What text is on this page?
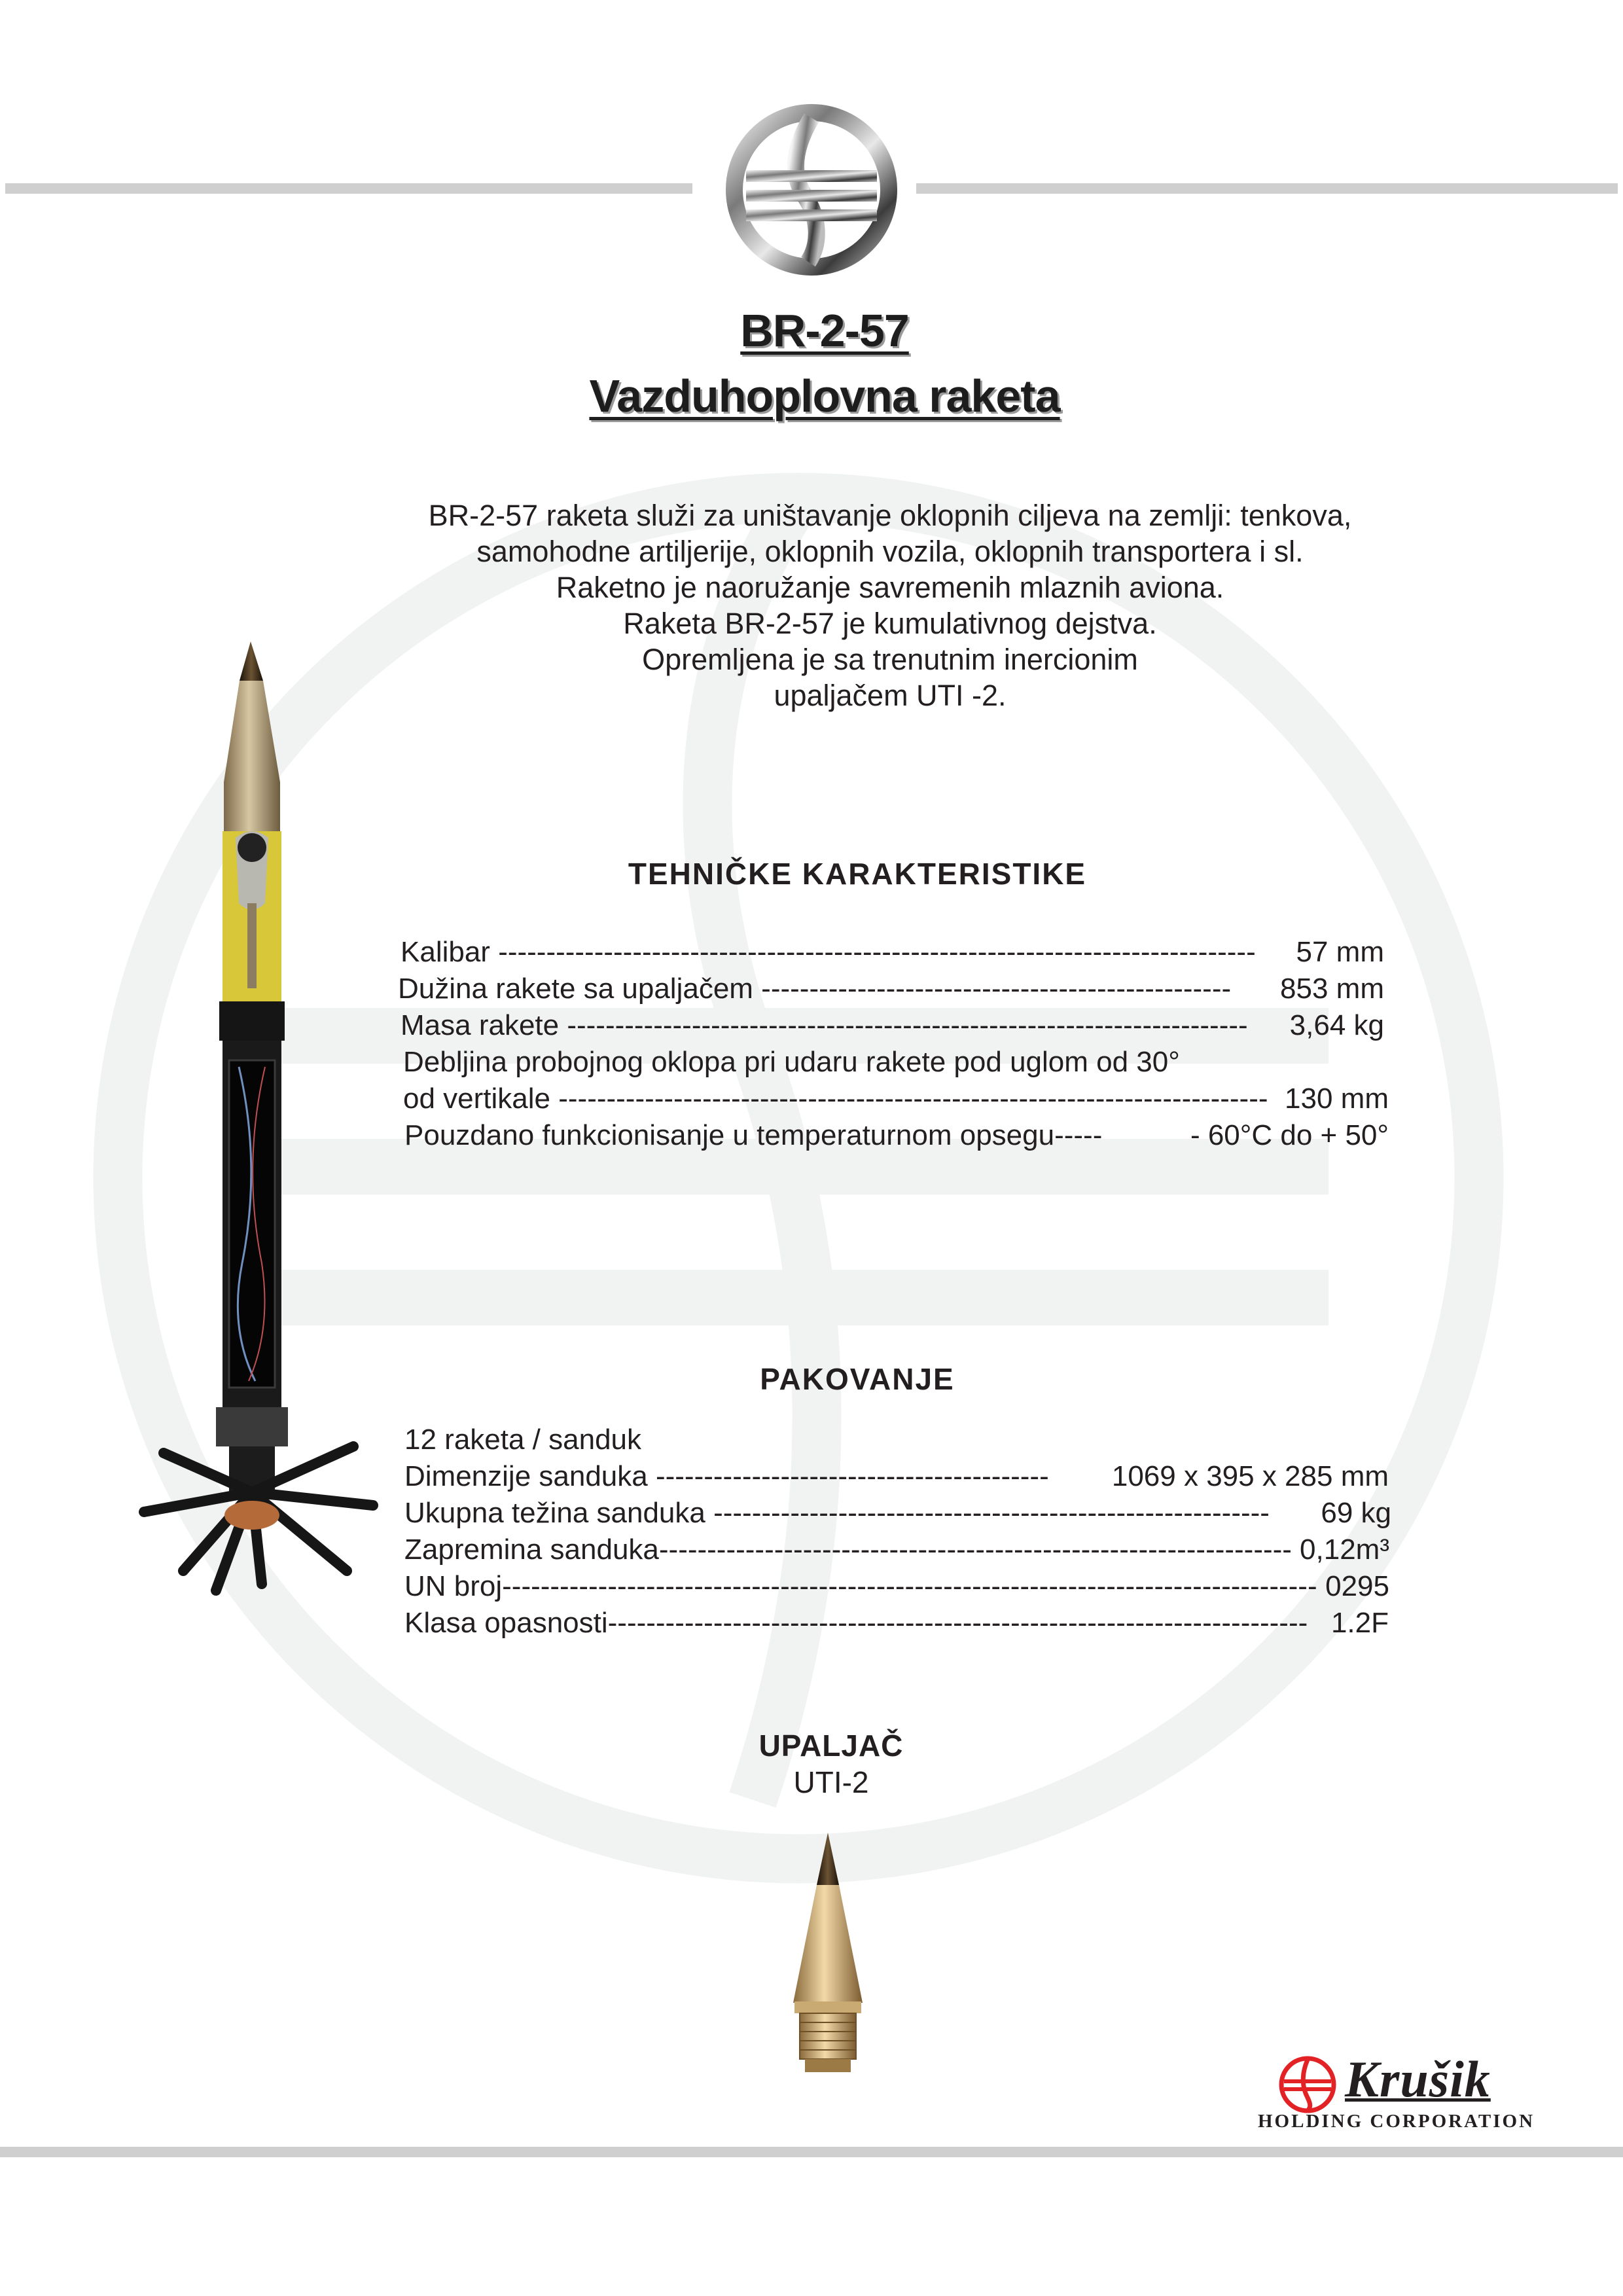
BR-2-57
Vazduhoplovna raketa
BR-2-57 raketa služi za uništavanje oklopnih ciljeva na zemlji: tenkova,
samohodne artiljerije, oklopnih vozila, oklopnih transportera i sl.
Raketno je naoružanje savremenih mlaznih aviona.
Raketa BR-2-57 je kumulativnog dejstva.
Opremljena je sa trenutnim inercionim
upaljačem UTI -2.
TEHNIČKE KARAKTERISTIKE
Kalibar ------------------------------------------------------------------------------- 57 mm
Dužina rakete sa upaljačem ------------------------------------------------- 853 mm
Masa rakete ----------------------------------------------------------------------- 3,64 kg
Debljina probojnog oklopa pri udaru rakete pod uglom od 30°
od vertikale -------------------------------------------------------------------------- 130 mm
Pouzdano funkcionisanje u temperaturnom opsegu-----	- 60°C do + 50°
PAKOVANJE
12 raketa / sanduk
Dimenzije sanduka ----------------------------------------- 1069 x 395 x 285 mm
Ukupna težina sanduka ---------------------------------------------------------- 69 kg
Zapremina sanduka------------------------------------------------------------------ 0,12m³
UN broj------------------------------------------------------------------------------------- 0295
Klasa opasnosti------------------------------------------------------------------------- 1.2F
UPALJAČ
UTI-2
Krušik
HOLDING CORPORATION
